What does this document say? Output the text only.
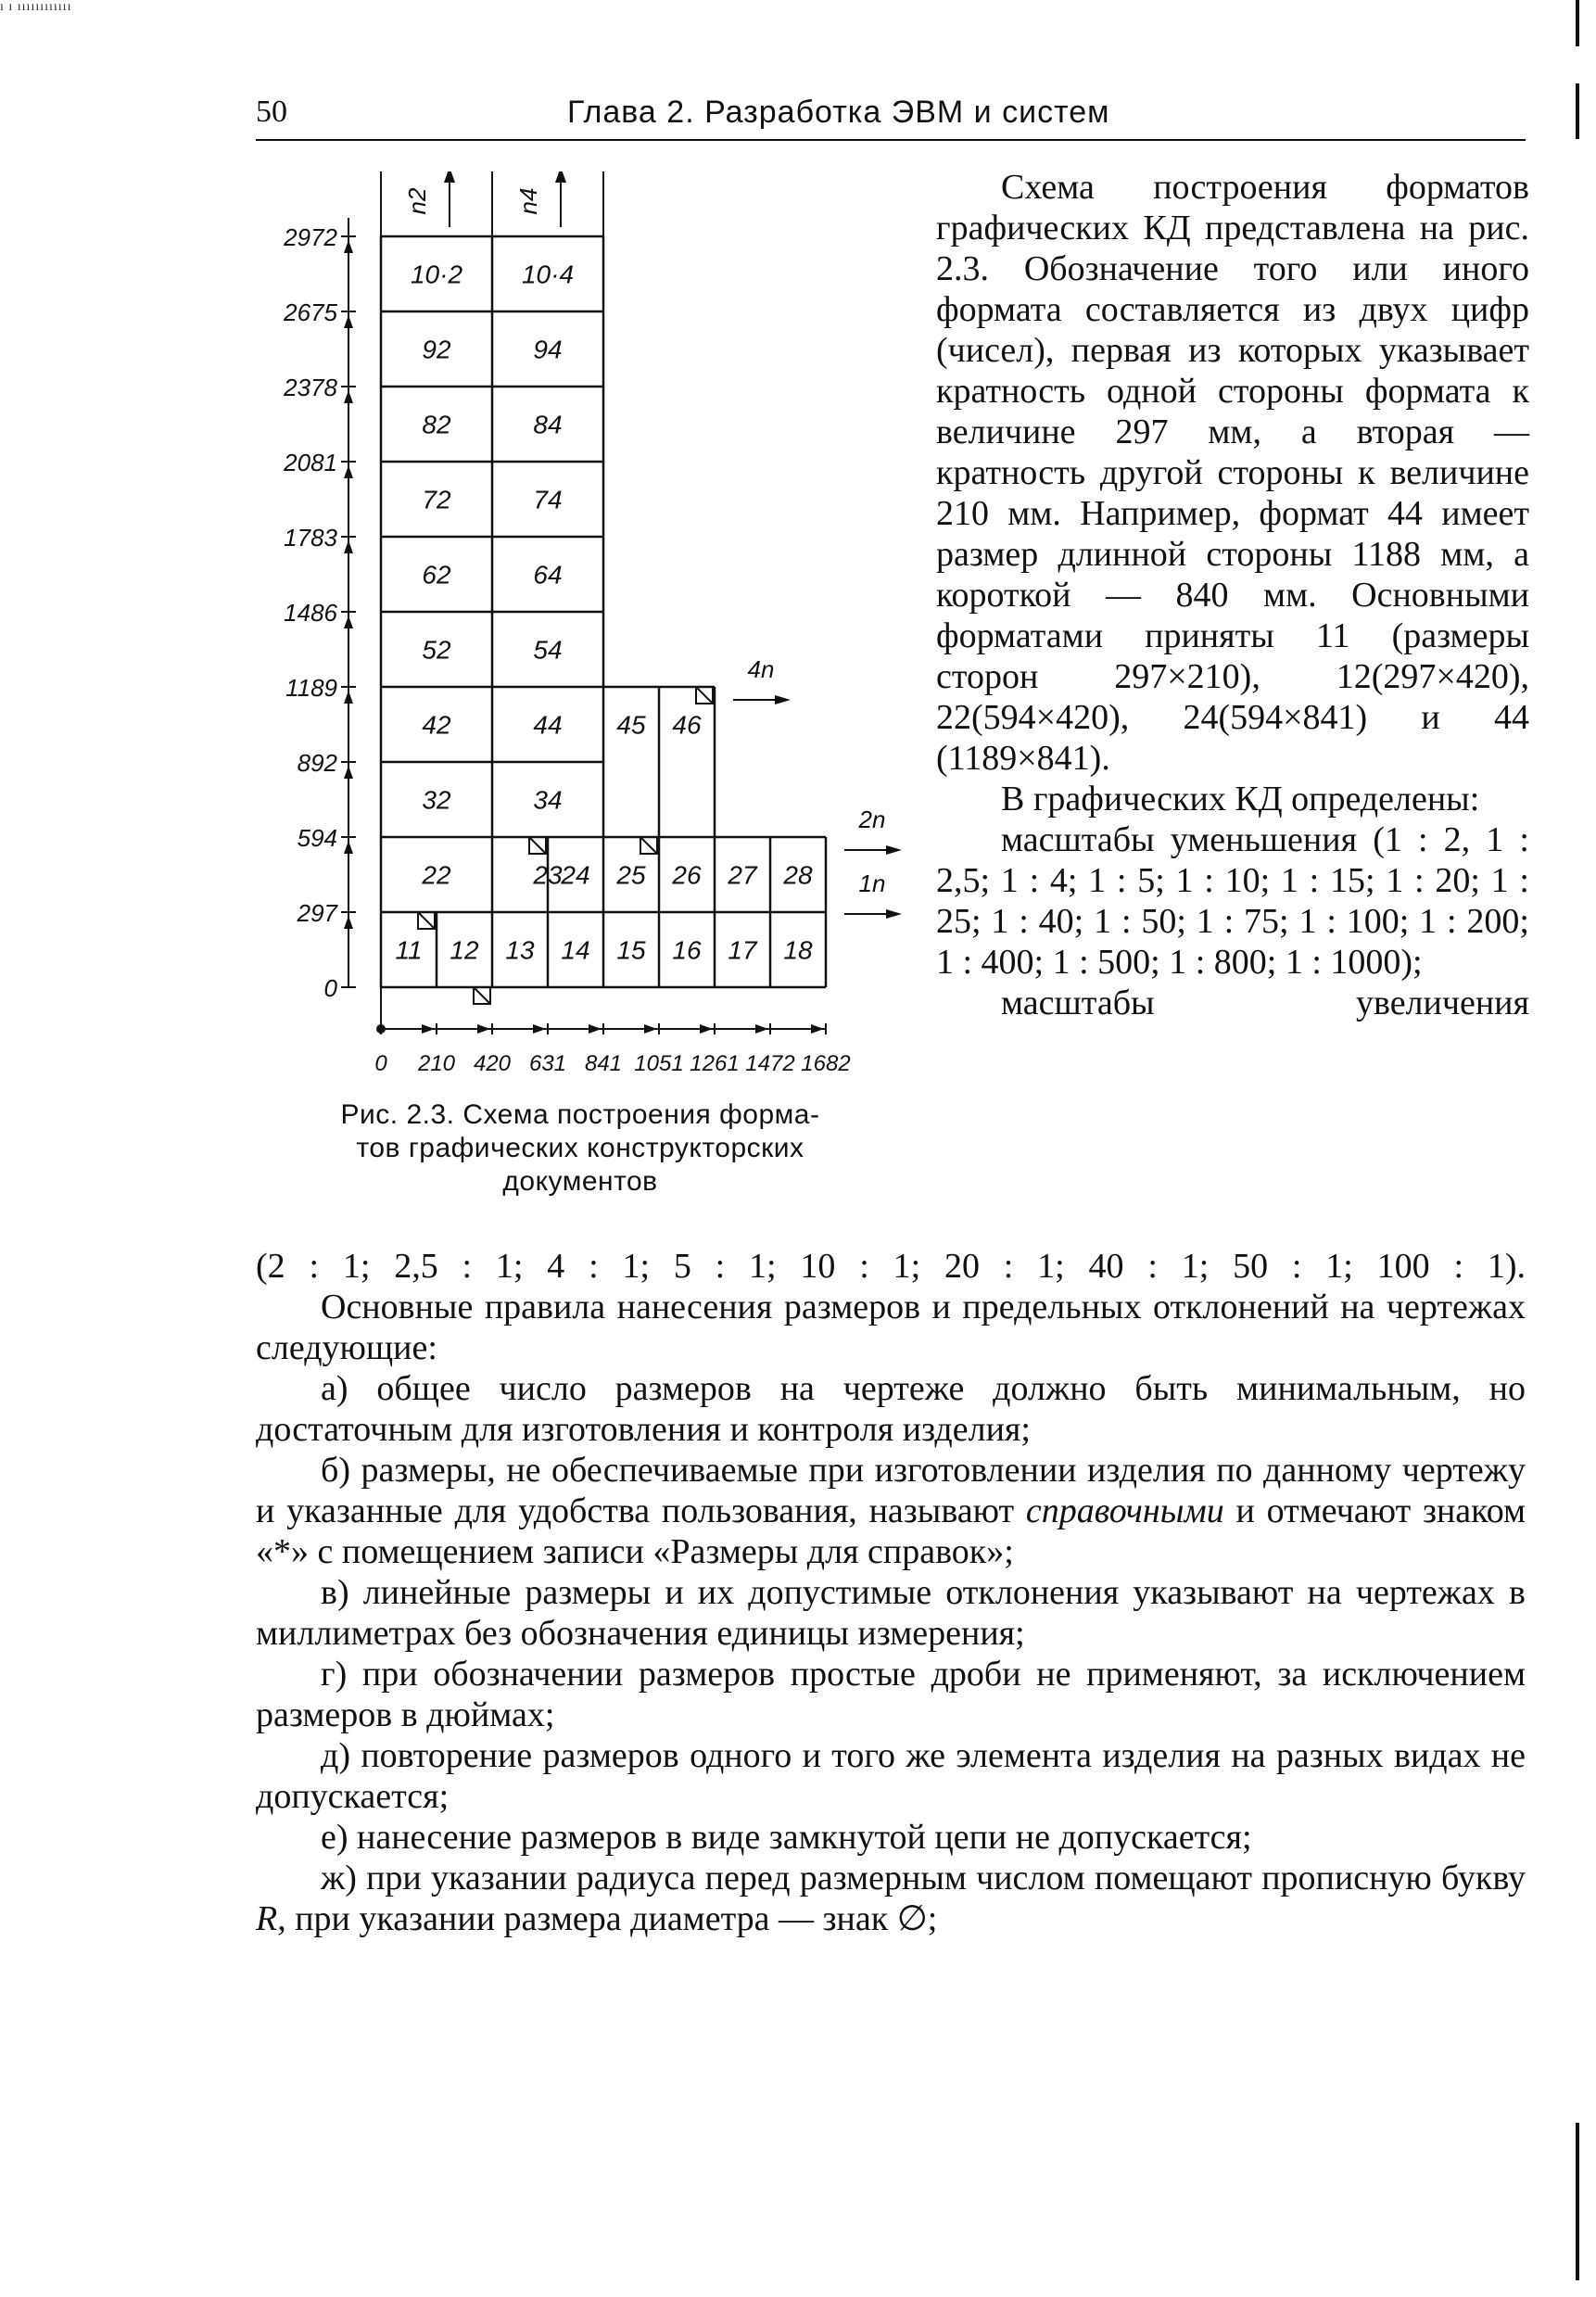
ı ı ıııııııııııı
50	Глава 2. Разработка ЭВМ и систем
11 12 13 14 15 16 17 18
22	23
24 25 26 27 28
32	34
42	44 45 46
52	54
62	64
72	74
82	84
92	94
10·2 10·4
0
297
594
892
1189
1486
1783
2081
2378
2675
2972
0 210 420 631 841 1051 1261 1472 1682
n2	n4
4n
2n
1n
Рис. 2.3. Схема построения форма-
тов графических конструкторских
документов

Схема построения форматов графических КД представлена на рис. 2.3. Обозначение того или иного формата составляется из двух цифр (чисел), первая из которых указывает кратность одной стороны формата к величине 297 мм, а вторая — кратность другой стороны к величине 210 мм. Например, формат 44 имеет размер длинной стороны 1188 мм, а короткой — 840 мм. Основными форматами приняты 11 (размеры сторон 297×210), 12(297×420), 22(594×420), 24(594×841) и 44 (1189×841).

В графических КД определены:

масштабы уменьшения (1 : 2, 1 : 2,5; 1 : 4; 1 : 5; 1 : 10; 1 : 15; 1 : 20; 1 : 25; 1 : 40; 1 : 50; 1 : 75; 1 : 100; 1 : 200; 1 : 400; 1 : 500; 1 : 800; 1 : 1000);

масштабы увеличения

(2 : 1; 2,5 : 1; 4 : 1; 5 : 1; 10 : 1; 20 : 1; 40 : 1; 50 : 1; 100 : 1).

Основные правила нанесения размеров и предельных отклонений на чертежах следующие:

а) общее число размеров на чертеже должно быть минимальным, но достаточным для изготовления и контроля изделия;

б) размеры, не обеспечиваемые при изготовлении изделия по данному чертежу и указанные для удобства пользования, называют справочными и отмечают знаком «*» с помещением записи «Размеры для справок»;

в) линейные размеры и их допустимые отклонения указывают на чертежах в миллиметрах без обозначения единицы измерения;

г) при обозначении размеров простые дроби не применяют, за исключением размеров в дюймах;

д) повторение размеров одного и того же элемента изделия на разных видах не допускается;

е) нанесение размеров в виде замкнутой цепи не допускается;

ж) при указании радиуса перед размерным числом помещают прописную букву R, при указании размера диаметра — знак ∅;
